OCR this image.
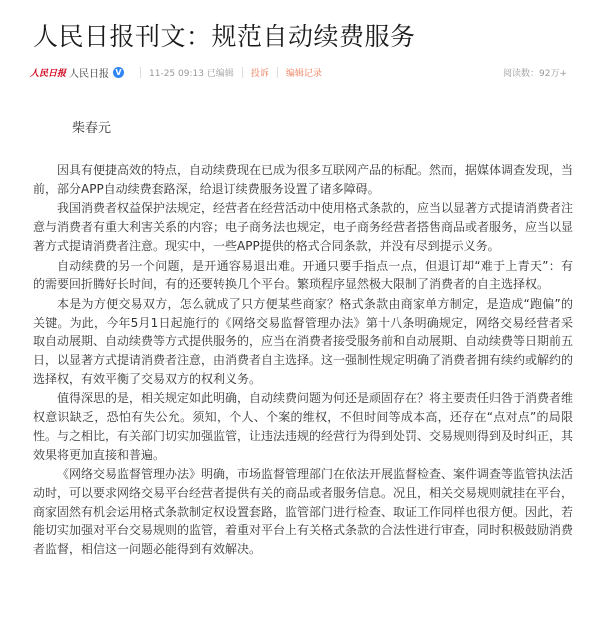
人民日报刊文：规范自动续费服务
人民日报 人民日报 V	11-25 09:13 已编辑 投诉 编辑记录	阅读数：92万+

柴春元

因具有便捷高效的特点，自动续费现在已成为很多互联网产品的标配。然而，据媒体调查发现，当前，部分APP自动续费套路深，给退订续费服务设置了诸多障碍。

我国消费者权益保护法规定，经营者在经营活动中使用格式条款的，应当以显著方式提请消费者注意与消费者有重大利害关系的内容；电子商务法也规定，电子商务经营者搭售商品或者服务，应当以显著方式提请消费者注意。现实中，一些APP提供的格式合同条款，并没有尽到提示义务。

自动续费的另一个问题，是开通容易退出难。开通只要手指点一点，但退订却“难于上青天”：有的需要回折腾好长时间，有的还要转换几个平台。繁琐程序显然极大限制了消费者的自主选择权。

本是为方便交易双方，怎么就成了只方便某些商家？格式条款由商家单方制定，是造成“跑偏”的关键。为此，今年5月1日起施行的《网络交易监督管理办法》第十八条明确规定，网络交易经营者采取自动展期、自动续费等方式提供服务的，应当在消费者接受服务前和自动展期、自动续费等日期前五日，以显著方式提请消费者注意，由消费者自主选择。这一强制性规定明确了消费者拥有续约或解约的选择权，有效平衡了交易双方的权利义务。

值得深思的是，相关规定如此明确，自动续费问题为何还是顽固存在？将主要责任归咎于消费者维权意识缺乏，恐怕有失公允。须知，个人、个案的维权，不但时间等成本高，还存在“点对点”的局限性。与之相比，有关部门切实加强监管，让违法违规的经营行为得到处罚、交易规则得到及时纠正，其效果将更加直接和普遍。

《网络交易监督管理办法》明确，市场监督管理部门在依法开展监督检查、案件调查等监管执法活动时，可以要求网络交易平台经营者提供有关的商品或者服务信息。况且，相关交易规则就挂在平台，商家固然有机会运用格式条款制定权设置套路，监管部门进行检查、取证工作同样也很方便。因此，若能切实加强对平台交易规则的监管，着重对平台上有关格式条款的合法性进行审查，同时积极鼓励消费者监督，相信这一问题必能得到有效解决。
